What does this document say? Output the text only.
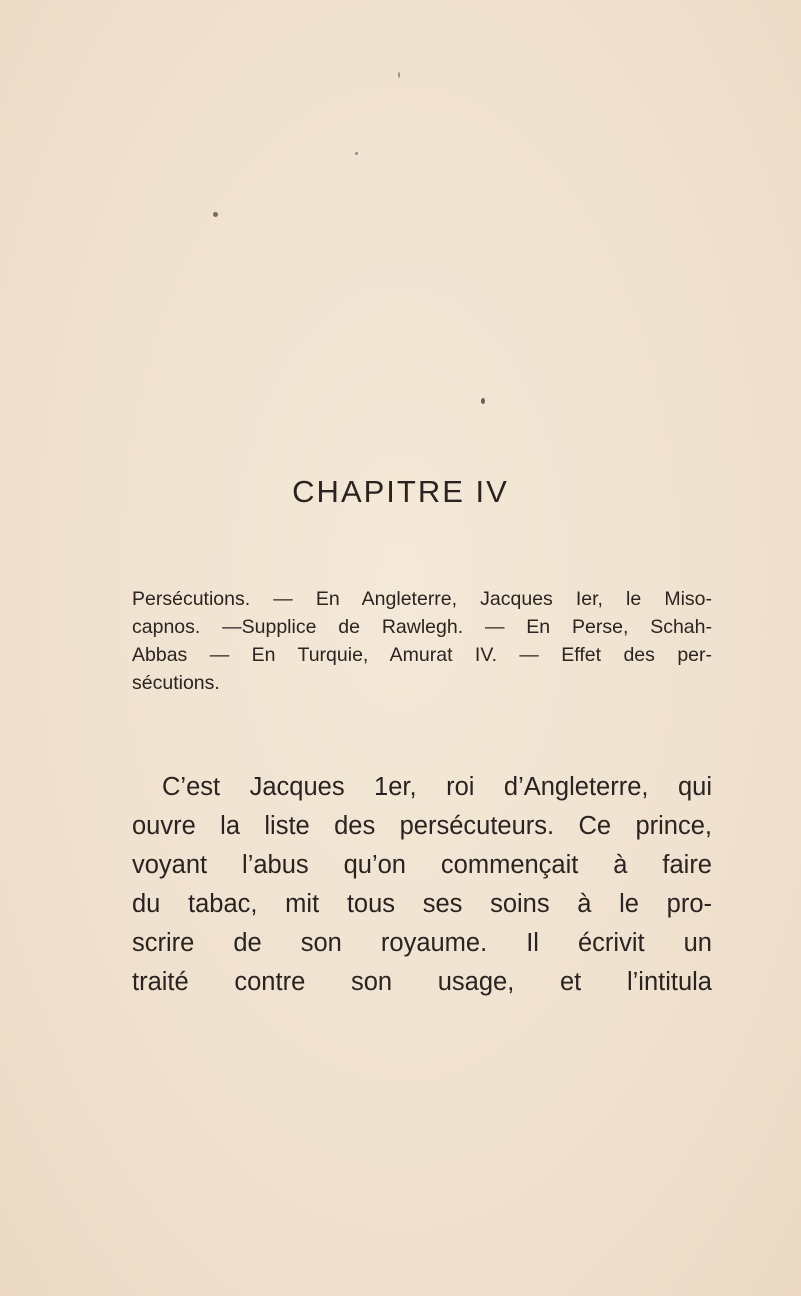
CHAPITRE IV
Persécutions. — En Angleterre, Jacques Ier, le Miso-
capnos. —Supplice de Rawlegh. — En Perse, Schah-
Abbas — En Turquie, Amurat IV. — Effet des per-
sécutions.
C’est Jacques 1er, roi d’Angleterre, qui
ouvre la liste des persécuteurs. Ce prince,
voyant l’abus qu’on commençait à faire
du tabac, mit tous ses soins à le pro-
scrire de son royaume. Il écrivit un
traité contre son usage, et l’intitula
